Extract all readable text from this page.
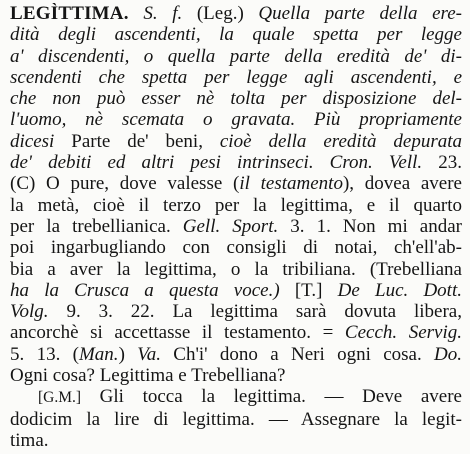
LEGÌTTIMA. S. f. (Leg.) Quella parte della ere-
dità degli ascendenti, la quale spetta per legge
a' discendenti, o quella parte della eredità de' di-
scendenti che spetta per legge agli ascendenti, e
che non può esser nè tolta per disposizione del-
l'uomo, nè scemata o gravata. Più propriamente
dicesi Parte de' beni, cioè della eredità depurata
de' debiti ed altri pesi intrinseci. Cron. Vell. 23.
(C) O pure, dove valesse (il testamento), dovea avere
la metà, cioè il terzo per la legittima, e il quarto
per la trebellianica. Gell. Sport. 3. 1. Non mi andar
poi ingarbugliando con consigli di notai, ch'ell'ab-
bia a aver la legittima, o la tribiliana. (Trebelliana
ha la Crusca a questa voce.) [T.] De Luc. Dott.
Volg. 9. 3. 22. La legittima sarà dovuta libera,
ancorchè si accettasse il testamento. = Cecch. Servig.
5. 13. (Man.) Va. Ch'i' dono a Neri ogni cosa. Do.
Ogni cosa? Legittima e Trebelliana?
[G.M.] Gli tocca la legittima. — Deve avere
dodicim la lire di legittima. — Assegnare la legit-
tima.
